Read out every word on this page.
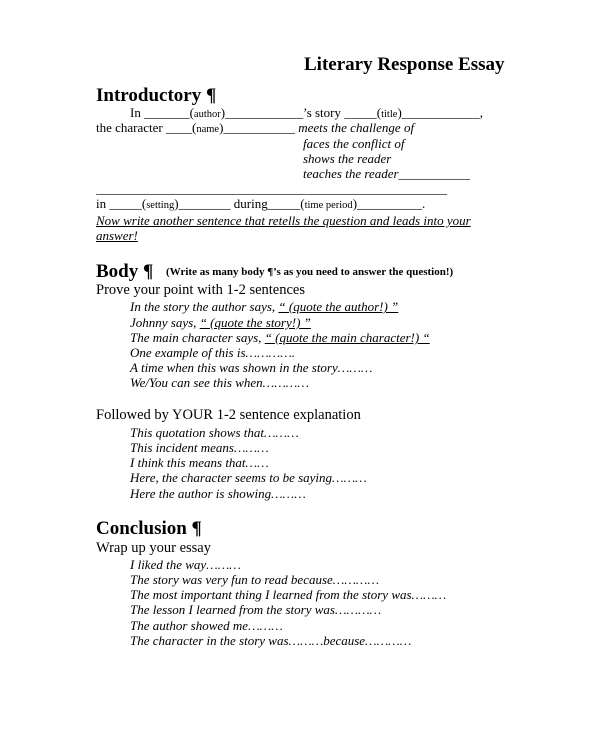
Literary Response Essay
Introductory ¶
In _______(author)____________’s story _____(title)____________,
the character ____(name)___________ meets the challenge of
faces the conflict of
shows the reader
teaches the reader___________
______________________________________________________
in _____(setting)________ during_____(time period)__________.
Now write another sentence that retells the question and leads into your
answer!
Body ¶ (Write as many body ¶’s as you need to answer the question!)
Prove your point with 1-2 sentences
In the story the author says, “ (quote the author!) ”
Johnny says, “ (quote the story!) ”
The main character says, “ (quote the main character!) “
One example of this is………….
A time when this was shown in the story………
We/You can see this when…………
Followed by YOUR 1-2 sentence explanation
This quotation shows that………
This incident means………
I think this means that……
Here, the character seems to be saying………
Here the author is showing………
Conclusion ¶
Wrap up your essay
I liked the way………
The story was very fun to read because…………
The most important thing I learned from the story was………
The lesson I learned from the story was…………
The author showed me………
The character in the story was………because…………
